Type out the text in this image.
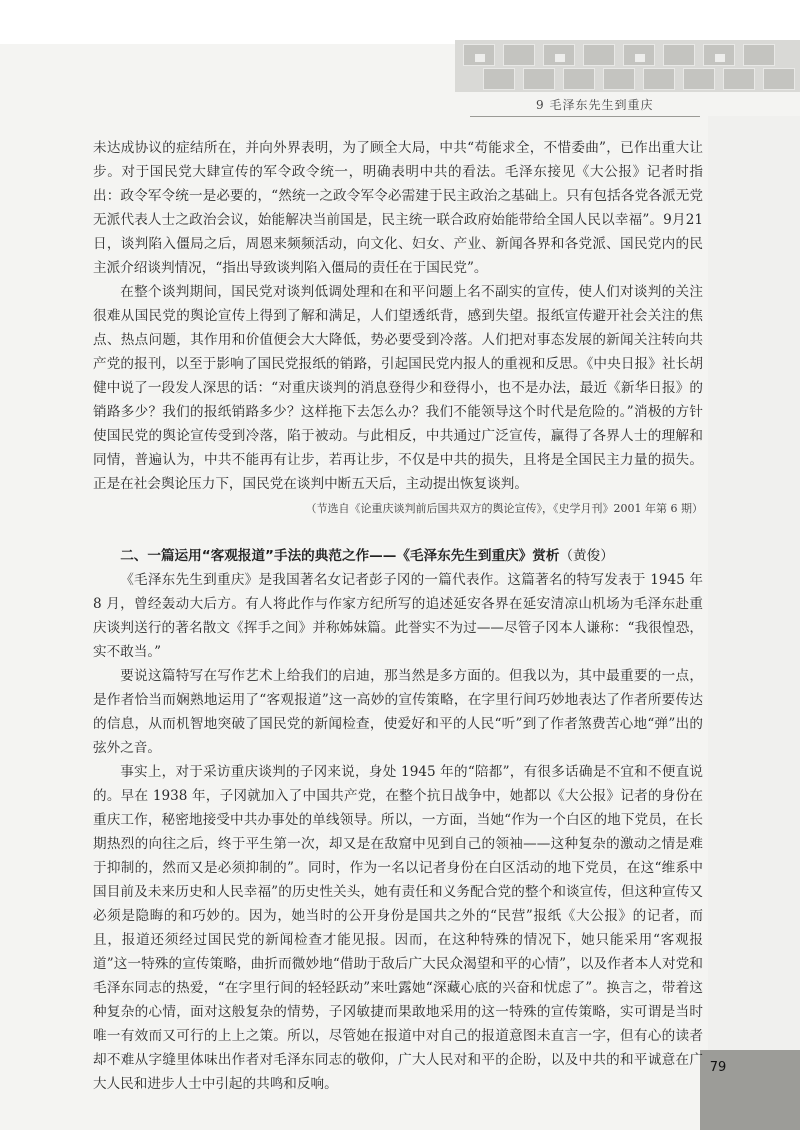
9 毛泽东先生到重庆
79

未达成协议的症结所在，并向外界表明，为了顾全大局，中共“苟能求全，不惜委曲”，已作出重大让步。对于国民党大肆宣传的军令政令统一，明确表明中共的看法。毛泽东接见《大公报》记者时指出：政令军令统一是必要的，“然统一之政令军令必需建于民主政治之基础上。只有包括各党各派无党无派代表人士之政治会议，始能解决当前国是，民主统一联合政府始能带给全国人民以幸福”。9月21日，谈判陷入僵局之后，周恩来频频活动，向文化、妇女、产业、新闻各界和各党派、国民党内的民主派介绍谈判情况，“指出导致谈判陷入僵局的责任在于国民党”。

在整个谈判期间，国民党对谈判低调处理和在和平问题上名不副实的宣传，使人们对谈判的关注很难从国民党的舆论宣传上得到了解和满足，人们望透纸背，感到失望。报纸宣传避开社会关注的焦点、热点问题，其作用和价值便会大大降低，势必要受到冷落。人们把对事态发展的新闻关注转向共产党的报刊，以至于影响了国民党报纸的销路，引起国民党内报人的重视和反思。《中央日报》社长胡健中说了一段发人深思的话：“对重庆谈判的消息登得少和登得小，也不是办法，最近《新华日报》的销路多少？我们的报纸销路多少？这样拖下去怎么办？我们不能领导这个时代是危险的。”消极的方针使国民党的舆论宣传受到冷落，陷于被动。与此相反，中共通过广泛宣传，赢得了各界人士的理解和同情，普遍认为，中共不能再有让步，若再让步，不仅是中共的损失，且将是全国民主力量的损失。正是在社会舆论压力下，国民党在谈判中断五天后，主动提出恢复谈判。

（节选自《论重庆谈判前后国共双方的舆论宣传》，《史学月刊》2001 年第 6 期）

二、一篇运用“客观报道”手法的典范之作——《毛泽东先生到重庆》赏析（黄俊）

《毛泽东先生到重庆》是我国著名女记者彭子冈的一篇代表作。这篇著名的特写发表于 1945 年 8 月，曾经轰动大后方。有人将此作与作家方纪所写的追述延安各界在延安清凉山机场为毛泽东赴重庆谈判送行的著名散文《挥手之间》并称姊妹篇。此誉实不为过——尽管子冈本人谦称：“我很惶恐，实不敢当。”

要说这篇特写在写作艺术上给我们的启迪，那当然是多方面的。但我以为，其中最重要的一点，是作者恰当而娴熟地运用了“客观报道”这一高妙的宣传策略，在字里行间巧妙地表达了作者所要传达的信息，从而机智地突破了国民党的新闻检查，使爱好和平的人民“听”到了作者煞费苦心地“弹”出的弦外之音。

事实上，对于采访重庆谈判的子冈来说，身处 1945 年的“陪都”，有很多话确是不宜和不便直说的。早在 1938 年，子冈就加入了中国共产党，在整个抗日战争中，她都以《大公报》记者的身份在重庆工作，秘密地接受中共办事处的单线领导。所以，一方面，当她“作为一个白区的地下党员，在长期热烈的向往之后，终于平生第一次，却又是在敌窟中见到自己的领袖——这种复杂的激动之情是难于抑制的，然而又是必须抑制的”。同时，作为一名以记者身份在白区活动的地下党员，在这“维系中国目前及未来历史和人民幸福”的历史性关头，她有责任和义务配合党的整个和谈宣传，但这种宣传又必须是隐晦的和巧妙的。因为，她当时的公开身份是国共之外的“民营”报纸《大公报》的记者，而且，报道还须经过国民党的新闻检查才能见报。因而，在这种特殊的情况下，她只能采用“客观报道”这一特殊的宣传策略，曲折而微妙地“借助于敌后广大民众渴望和平的心情”，以及作者本人对党和毛泽东同志的热爱，“在字里行间的轻轻跃动”来吐露她“深藏心底的兴奋和忧虑了”。换言之，带着这种复杂的心情，面对这般复杂的情势，子冈敏捷而果敢地采用的这一特殊的宣传策略，实可谓是当时唯一有效而又可行的上上之策。所以，尽管她在报道中对自己的报道意图未直言一字，但有心的读者却不难从字缝里体味出作者对毛泽东同志的敬仰，广大人民对和平的企盼，以及中共的和平诚意在广大人民和进步人士中引起的共鸣和反响。
